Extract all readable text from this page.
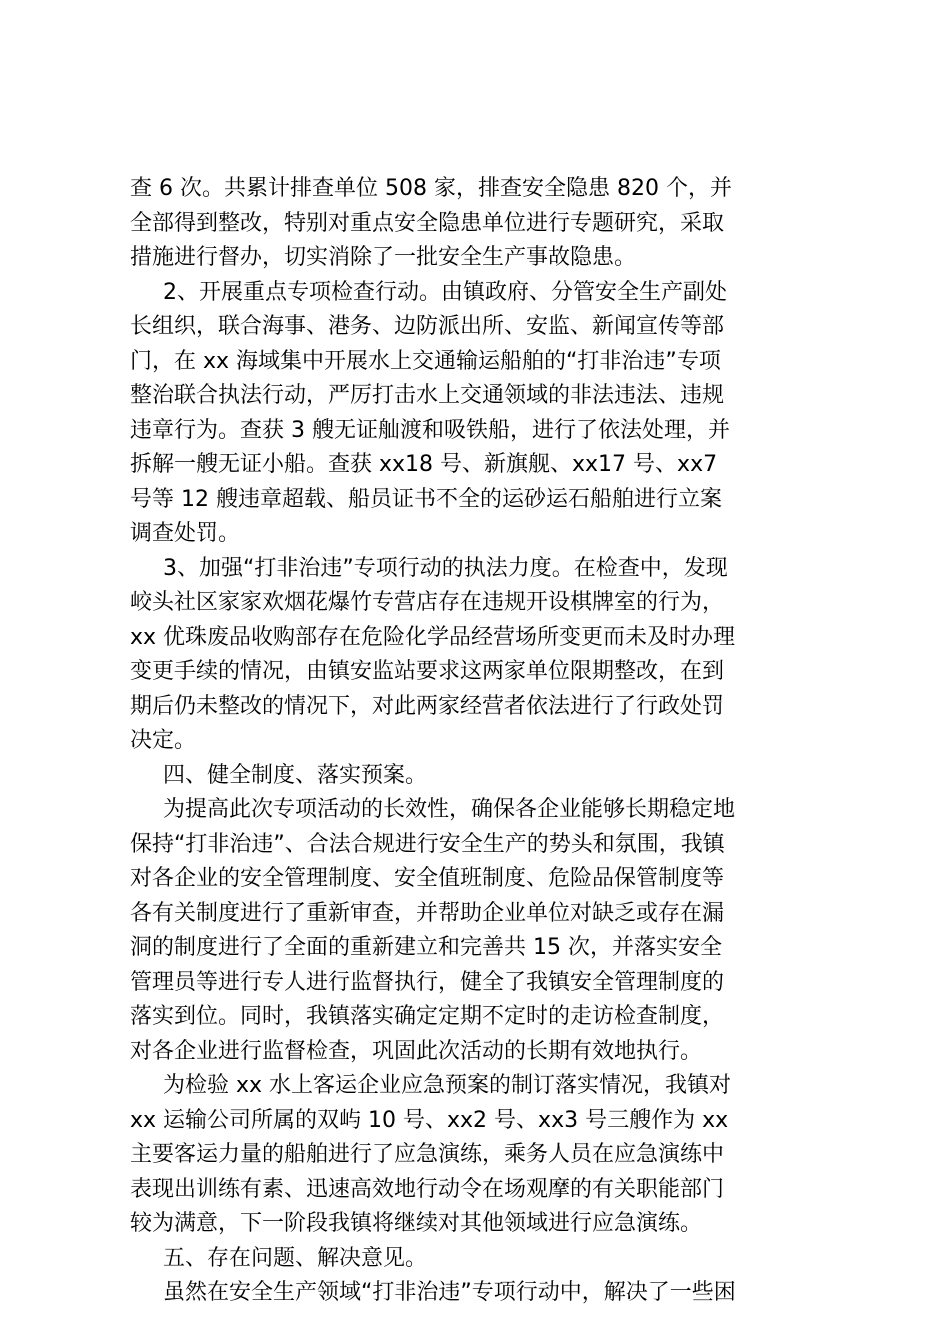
查 6 次。共累计排查单位 508 家，排查安全隐患 820 个，并
全部得到整改，特别对重点安全隐患单位进行专题研究，采取
措施进行督办，切实消除了一批安全生产事故隐患。
2、开展重点专项检查行动。由镇政府、分管安全生产副处
长组织，联合海事、港务、边防派出所、安监、新闻宣传等部
门，在 xx 海域集中开展水上交通输运船舶的“打非治违”专项
整治联合执法行动，严厉打击水上交通领域的非法违法、违规
违章行为。查获 3 艘无证舢渡和吸铁船，进行了依法处理，并
拆解一艘无证小船。查获 xx18 号、新旗舰、xx17 号、xx7
号等 12 艘违章超载、船员证书不全的运砂运石船舶进行立案
调查处罚。
3、加强“打非治违”专项行动的执法力度。在检查中，发现
峧头社区家家欢烟花爆竹专营店存在违规开设棋牌室的行为，
xx 优珠废品收购部存在危险化学品经营场所变更而未及时办理
变更手续的情况，由镇安监站要求这两家单位限期整改，在到
期后仍未整改的情况下，对此两家经营者依法进行了行政处罚
决定。
四、健全制度、落实预案。
为提高此次专项活动的长效性，确保各企业能够长期稳定地
保持“打非治违”、合法合规进行安全生产的势头和氛围，我镇
对各企业的安全管理制度、安全值班制度、危险品保管制度等
各有关制度进行了重新审查，并帮助企业单位对缺乏或存在漏
洞的制度进行了全面的重新建立和完善共 15 次，并落实安全
管理员等进行专人进行监督执行，健全了我镇安全管理制度的
落实到位。同时，我镇落实确定定期不定时的走访检查制度，
对各企业进行监督检查，巩固此次活动的长期有效地执行。
为检验 xx 水上客运企业应急预案的制订落实情况，我镇对
xx 运输公司所属的双屿 10 号、xx2 号、xx3 号三艘作为 xx
主要客运力量的船舶进行了应急演练，乘务人员在应急演练中
表现出训练有素、迅速高效地行动令在场观摩的有关职能部门
较为满意，下一阶段我镇将继续对其他领域进行应急演练。
五、存在问题、解决意见。
虽然在安全生产领域“打非治违”专项行动中，解决了一些困
